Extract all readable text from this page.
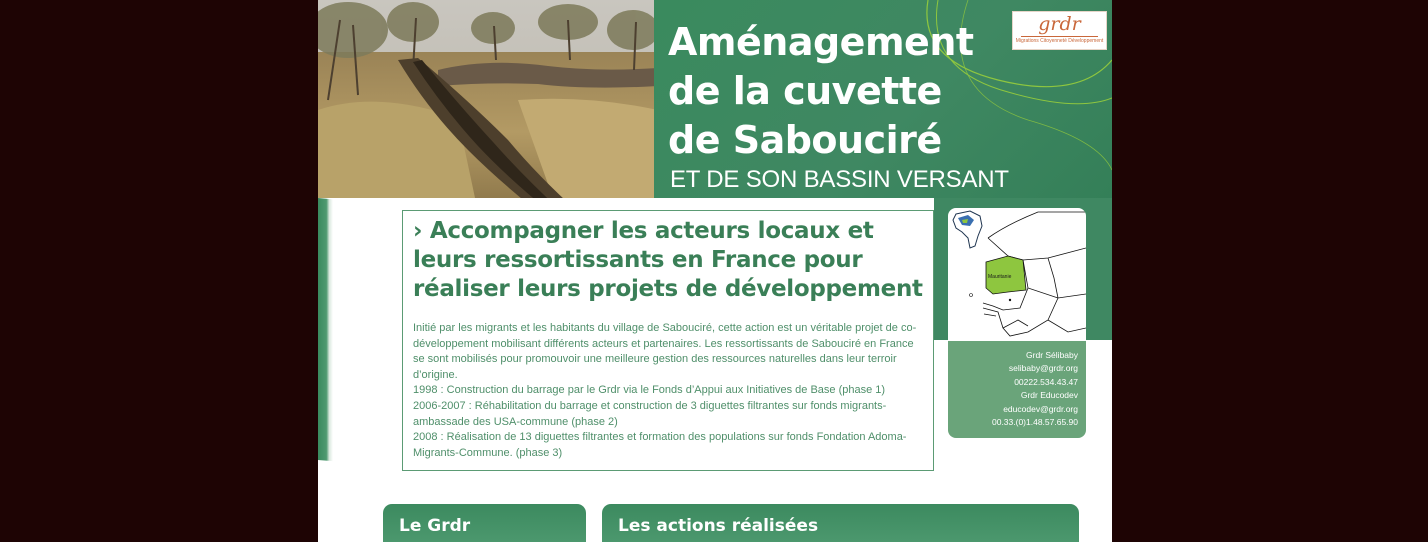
Aménagement
de la cuvette
de Sabouciré
ET DE SON BASSIN VERSANT
grdr
Migrations Citoyenneté Développement
› Accompagner les acteurs locaux et
leurs ressortissants en France pour
réaliser leurs projets de développement

Initié par les migrants et les habitants du village de Sabouciré, cette action est un véritable projet de co-développement mobilisant différents acteurs et partenaires. Les ressortissants de Sabouciré en France se sont mobilisés pour promouvoir une meilleure gestion des ressources naturelles dans leur terroir d’origine.

1998 : Construction du barrage par le Grdr via le Fonds d’Appui aux Initiatives de Base (phase 1)

2006-2007 : Réhabilitation du barrage et construction de 3 diguettes filtrantes sur fonds migrants-ambassade des USA-commune (phase 2)

2008 : Réalisation de 13 diguettes filtrantes et formation des populations sur fonds Fondation Adoma-Migrants-Commune. (phase 3)

Mauritanie
Grdr Sélibaby
selibaby@grdr.org
00222.534.43.47
Grdr Educodev
educodev@grdr.org
00.33.(0)1.48.57.65.90
Le Grdr	Les actions réalisées
